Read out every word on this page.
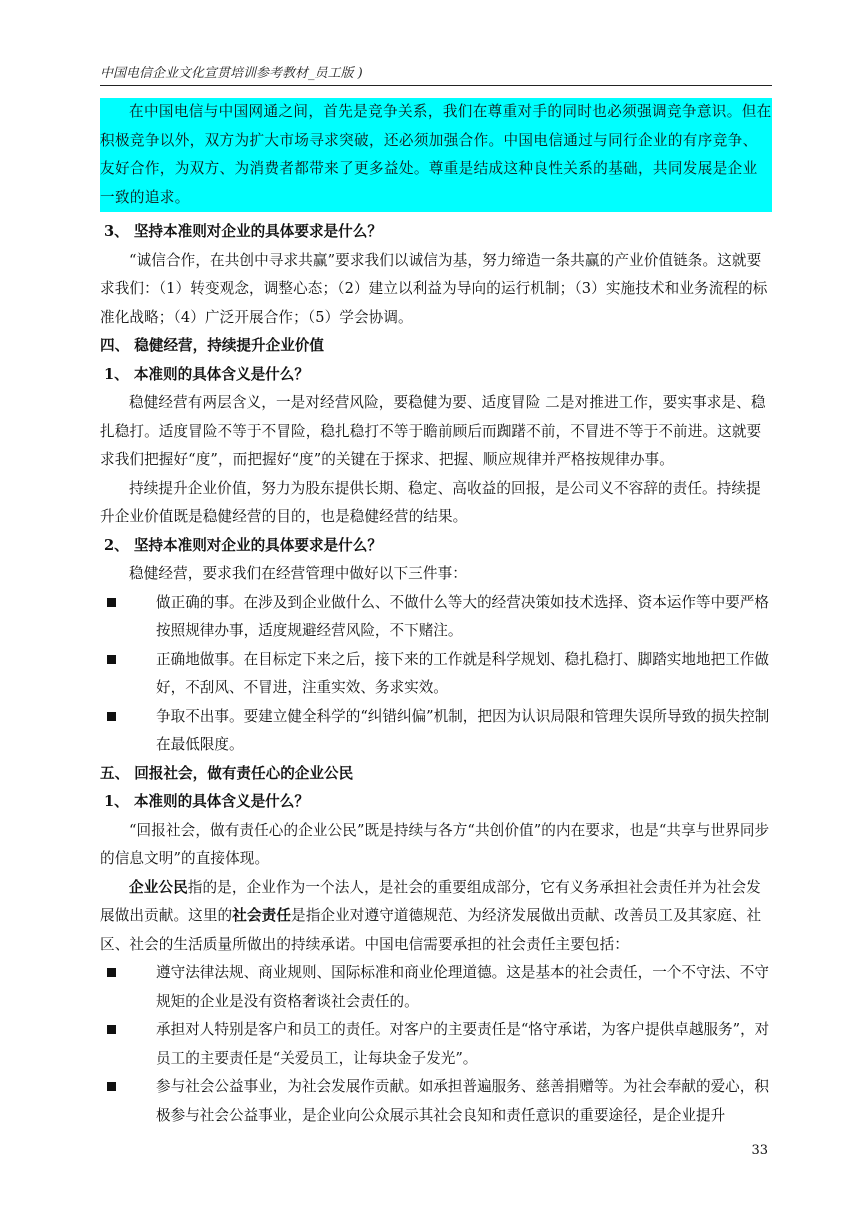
中国电信企业文化宣贯培训参考教材_员工版 )

在中国电信与中国网通之间，首先是竞争关系，我们在尊重对手的同时也必须强调竞争意识。但在积极竞争以外，双方为扩大市场寻求突破，还必须加强合作。中国电信通过与同行企业的有序竞争、友好合作，为双方、为消费者都带来了更多益处。尊重是结成这种良性关系的基础，共同发展是企业一致的追求。

3、 坚持本准则对企业的具体要求是什么？

“诚信合作，在共创中寻求共赢”要求我们以诚信为基，努力缔造一条共赢的产业价值链条。这就要求我们：（1）转变观念，调整心态；（2）建立以利益为导向的运行机制；（3）实施技术和业务流程的标准化战略；（4）广泛开展合作；（5）学会协调。

四、 稳健经营，持续提升企业价值

1、 本准则的具体含义是什么？

稳健经营有两层含义，一是对经营风险，要稳健为要、适度冒险 二是对推进工作，要实事求是、稳扎稳打。适度冒险不等于不冒险，稳扎稳打不等于瞻前顾后而踟躇不前，不冒进不等于不前进。这就要求我们把握好“度”，而把握好“度”的关键在于探求、把握、顺应规律并严格按规律办事。

持续提升企业价值，努力为股东提供长期、稳定、高收益的回报，是公司义不容辞的责任。持续提升企业价值既是稳健经营的目的，也是稳健经营的结果。

2、 坚持本准则对企业的具体要求是什么？

稳健经营，要求我们在经营管理中做好以下三件事：

做正确的事。在涉及到企业做什么、不做什么等大的经营决策如技术选择、资本运作等中要严格按照规律办事，适度规避经营风险，不下赌注。
正确地做事。在目标定下来之后，接下来的工作就是科学规划、稳扎稳打、脚踏实地地把工作做好，不刮风、不冒进，注重实效、务求实效。
争取不出事。要建立健全科学的“纠错纠偏”机制，把因为认识局限和管理失误所导致的损失控制在最低限度。

五、 回报社会，做有责任心的企业公民

1、 本准则的具体含义是什么？

“回报社会，做有责任心的企业公民”既是持续与各方“共创价值”的内在要求，也是“共享与世界同步的信息文明”的直接体现。

企业公民指的是，企业作为一个法人，是社会的重要组成部分，它有义务承担社会责任并为社会发展做出贡献。这里的社会责任是指企业对遵守道德规范、为经济发展做出贡献、改善员工及其家庭、社区、社会的生活质量所做出的持续承诺。中国电信需要承担的社会责任主要包括：

遵守法律法规、商业规则、国际标准和商业伦理道德。这是基本的社会责任，一个不守法、不守规矩的企业是没有资格奢谈社会责任的。
承担对人特别是客户和员工的责任。对客户的主要责任是“恪守承诺，为客户提供卓越服务”，对员工的主要责任是“关爱员工，让每块金子发光”。
参与社会公益事业，为社会发展作贡献。如承担普遍服务、慈善捐赠等。为社会奉献的爱心，积极参与社会公益事业，是企业向公众展示其社会良知和责任意识的重要途径，是企业提升
33
